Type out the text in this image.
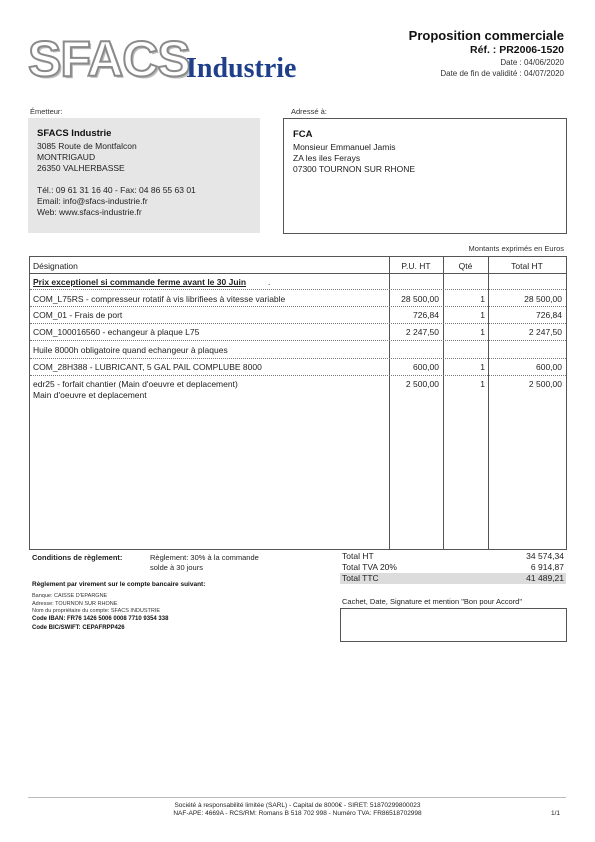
SFACS
Industrie
Proposition commerciale
Réf. : PR2006-1520
Date : 04/06/2020
Date de fin de validité : 04/07/2020
Émetteur:
SFACS Industrie
3085 Route de Montfalcon
MONTRIGAUD
26350 VALHERBASSE
Tél.: 09 61 31 16 40 - Fax: 04 86 55 63 01
Email: info@sfacs-industrie.fr
Web: www.sfacs-industrie.fr
Adressé à:
FCA
Monsieur Emmanuel Jamis
ZA les iles Ferays
07300 TOURNON SUR RHONE
Montants exprimés en Euros
Désignation	P.U. HT	Qté	Total HT
Prix exceptionel si commande ferme avant le 30 Juin	.
COM_L75RS - compresseur rotatif à vis librifiees à vitesse variable	28 500,00	1	28 500,00
COM_01 - Frais de port	726,84	1	726,84
COM_100016560 - echangeur à plaque L75	2 247,50	1	2 247,50
Huile 8000h obligatoire quand echangeur à plaques
COM_28H388 - LUBRICANT, 5 GAL PAIL COMPLUBE 8000	600,00	1	600,00
edr25 - forfait chantier (Main d'oeuvre et deplacement)	2 500,00	1	2 500,00
Main d'oeuvre et deplacement
Conditions de règlement:	Règlement: 30% à la commande
solde à 30 jours
Règlement par virement sur le compte bancaire suivant:
Banque: CAISSE D'EPARGNE
Adresse: TOURNON SUR RHONE
Nom du propriétaire du compte: SFACS INDUSTRIE
Code IBAN: FR76 1426 5006 0008 7710 9354 338
Code BIC/SWIFT: CEPAFRPP426
Total HT	34 574,34
Total TVA 20%	6 914,87
Total TTC	41 489,21
Cachet, Date, Signature et mention "Bon pour Accord"
Société à responsabilité limitée (SARL) - Capital de 8000€ - SIRET: 51870299800023
NAF-APE: 4669A - RCS/RM: Romans B 518 702 998 - Numéro TVA: FR86518702998	1/1
